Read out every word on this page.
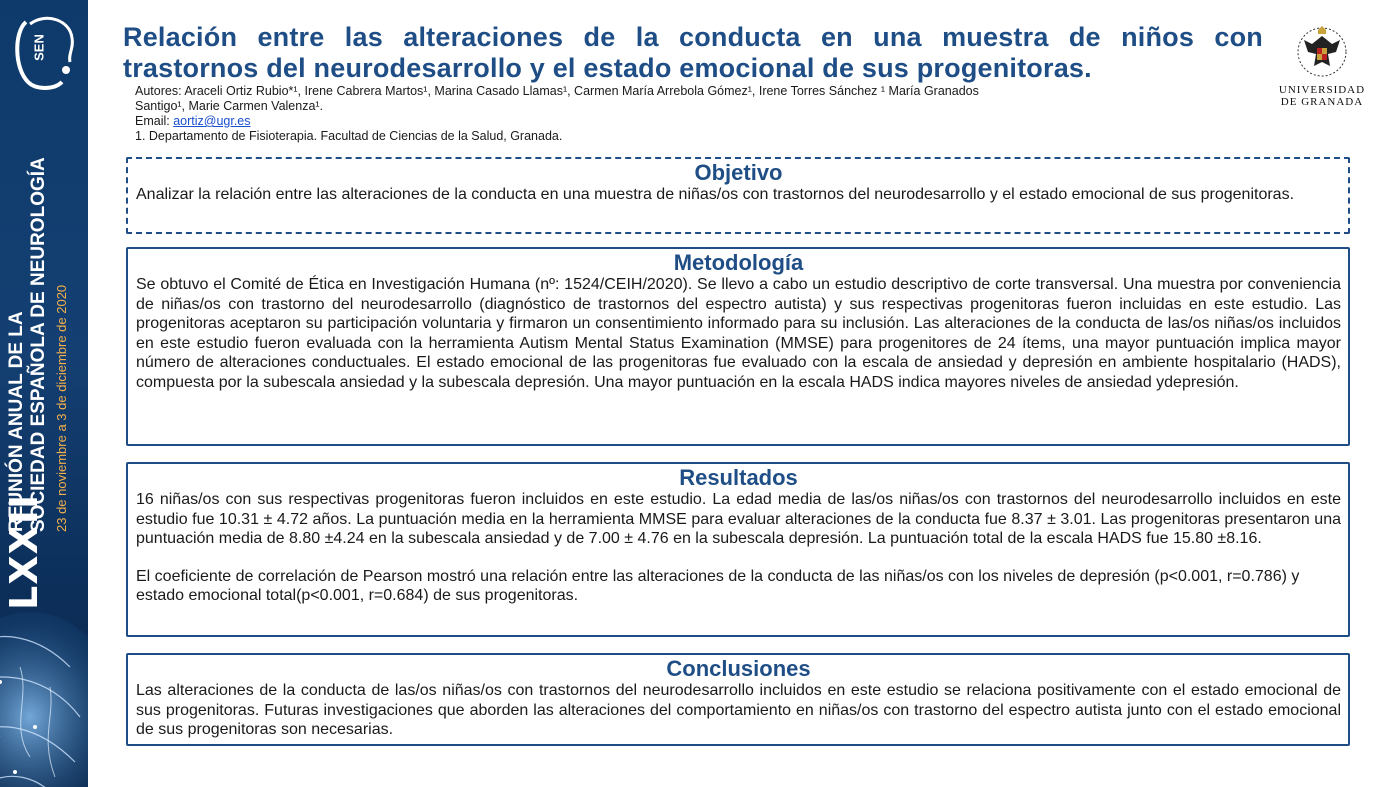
SEN
LXXII
REUNIÓN ANUAL DE LA SOCIEDAD ESPAÑOLA DE NEUROLOGÍA 23 de noviembre a 3 de diciembre de 2020
Relación entre las alteraciones de la conducta en una muestra de niños con
trastornos del neurodesarrollo y el estado emocional de sus progenitoras.
Autores: Araceli Ortiz Rubio*¹, Irene Cabrera Martos¹, Marina Casado Llamas¹, Carmen María Arrebola Gómez¹, Irene Torres Sánchez ¹ María Granados
Santigo¹, Marie Carmen Valenza¹.
Email: aortiz@ugr.es
1. Departamento de Fisioterapia. Facultad de Ciencias de la Salud, Granada.
UNIVERSIDAD
DE GRANADA
Objetivo

Analizar la relación entre las alteraciones de la conducta en una muestra de niñas/os con trastornos del neurodesarrollo y el estado emocional de sus progenitoras.

Metodología

Se obtuvo el Comité de Ética en Investigación Humana (nº: 1524/CEIH/2020). Se llevo a cabo un estudio descriptivo de corte transversal. Una muestra por conveniencia de niñas/os con trastorno del neurodesarrollo (diagnóstico de trastornos del espectro autista) y sus respectivas progenitoras fueron incluidas en este estudio. Las progenitoras aceptaron su participación voluntaria y firmaron un consentimiento informado para su inclusión. Las alteraciones de la conducta de las/os niñas/os incluidos en este estudio fueron evaluada con la herramienta Autism Mental Status Examination (MMSE) para progenitores de 24 ítems, una mayor puntuación implica mayor número de alteraciones conductuales. El estado emocional de las progenitoras fue evaluado con la escala de ansiedad y depresión en ambiente hospitalario (HADS), compuesta por la subescala ansiedad y la subescala depresión. Una mayor puntuación en la escala HADS indica mayores niveles de ansiedad ydepresión.

Resultados

16 niñas/os con sus respectivas progenitoras fueron incluidos en este estudio. La edad media de las/os niñas/os con trastornos del neurodesarrollo incluidos en este estudio fue 10.31 ± 4.72 años. La puntuación media en la herramienta MMSE para evaluar alteraciones de la conducta fue 8.37 ± 3.01. Las progenitoras presentaron una puntuación media de 8.80 ±4.24 en la subescala ansiedad y de 7.00 ± 4.76 en la subescala depresión. La puntuación total de la escala HADS fue 15.80 ±8.16.

El coeficiente de correlación de Pearson mostró una relación entre las alteraciones de la conducta de las niñas/os con los niveles de depresión (p<0.001, r=0.786) y estado emocional total(p<0.001, r=0.684) de sus progenitoras.

Conclusiones

Las alteraciones de la conducta de las/os niñas/os con trastornos del neurodesarrollo incluidos en este estudio se relaciona positivamente con el estado emocional de sus progenitoras. Futuras investigaciones que aborden las alteraciones del comportamiento en niñas/os con trastorno del espectro autista junto con el estado emocional de sus progenitoras son necesarias.
